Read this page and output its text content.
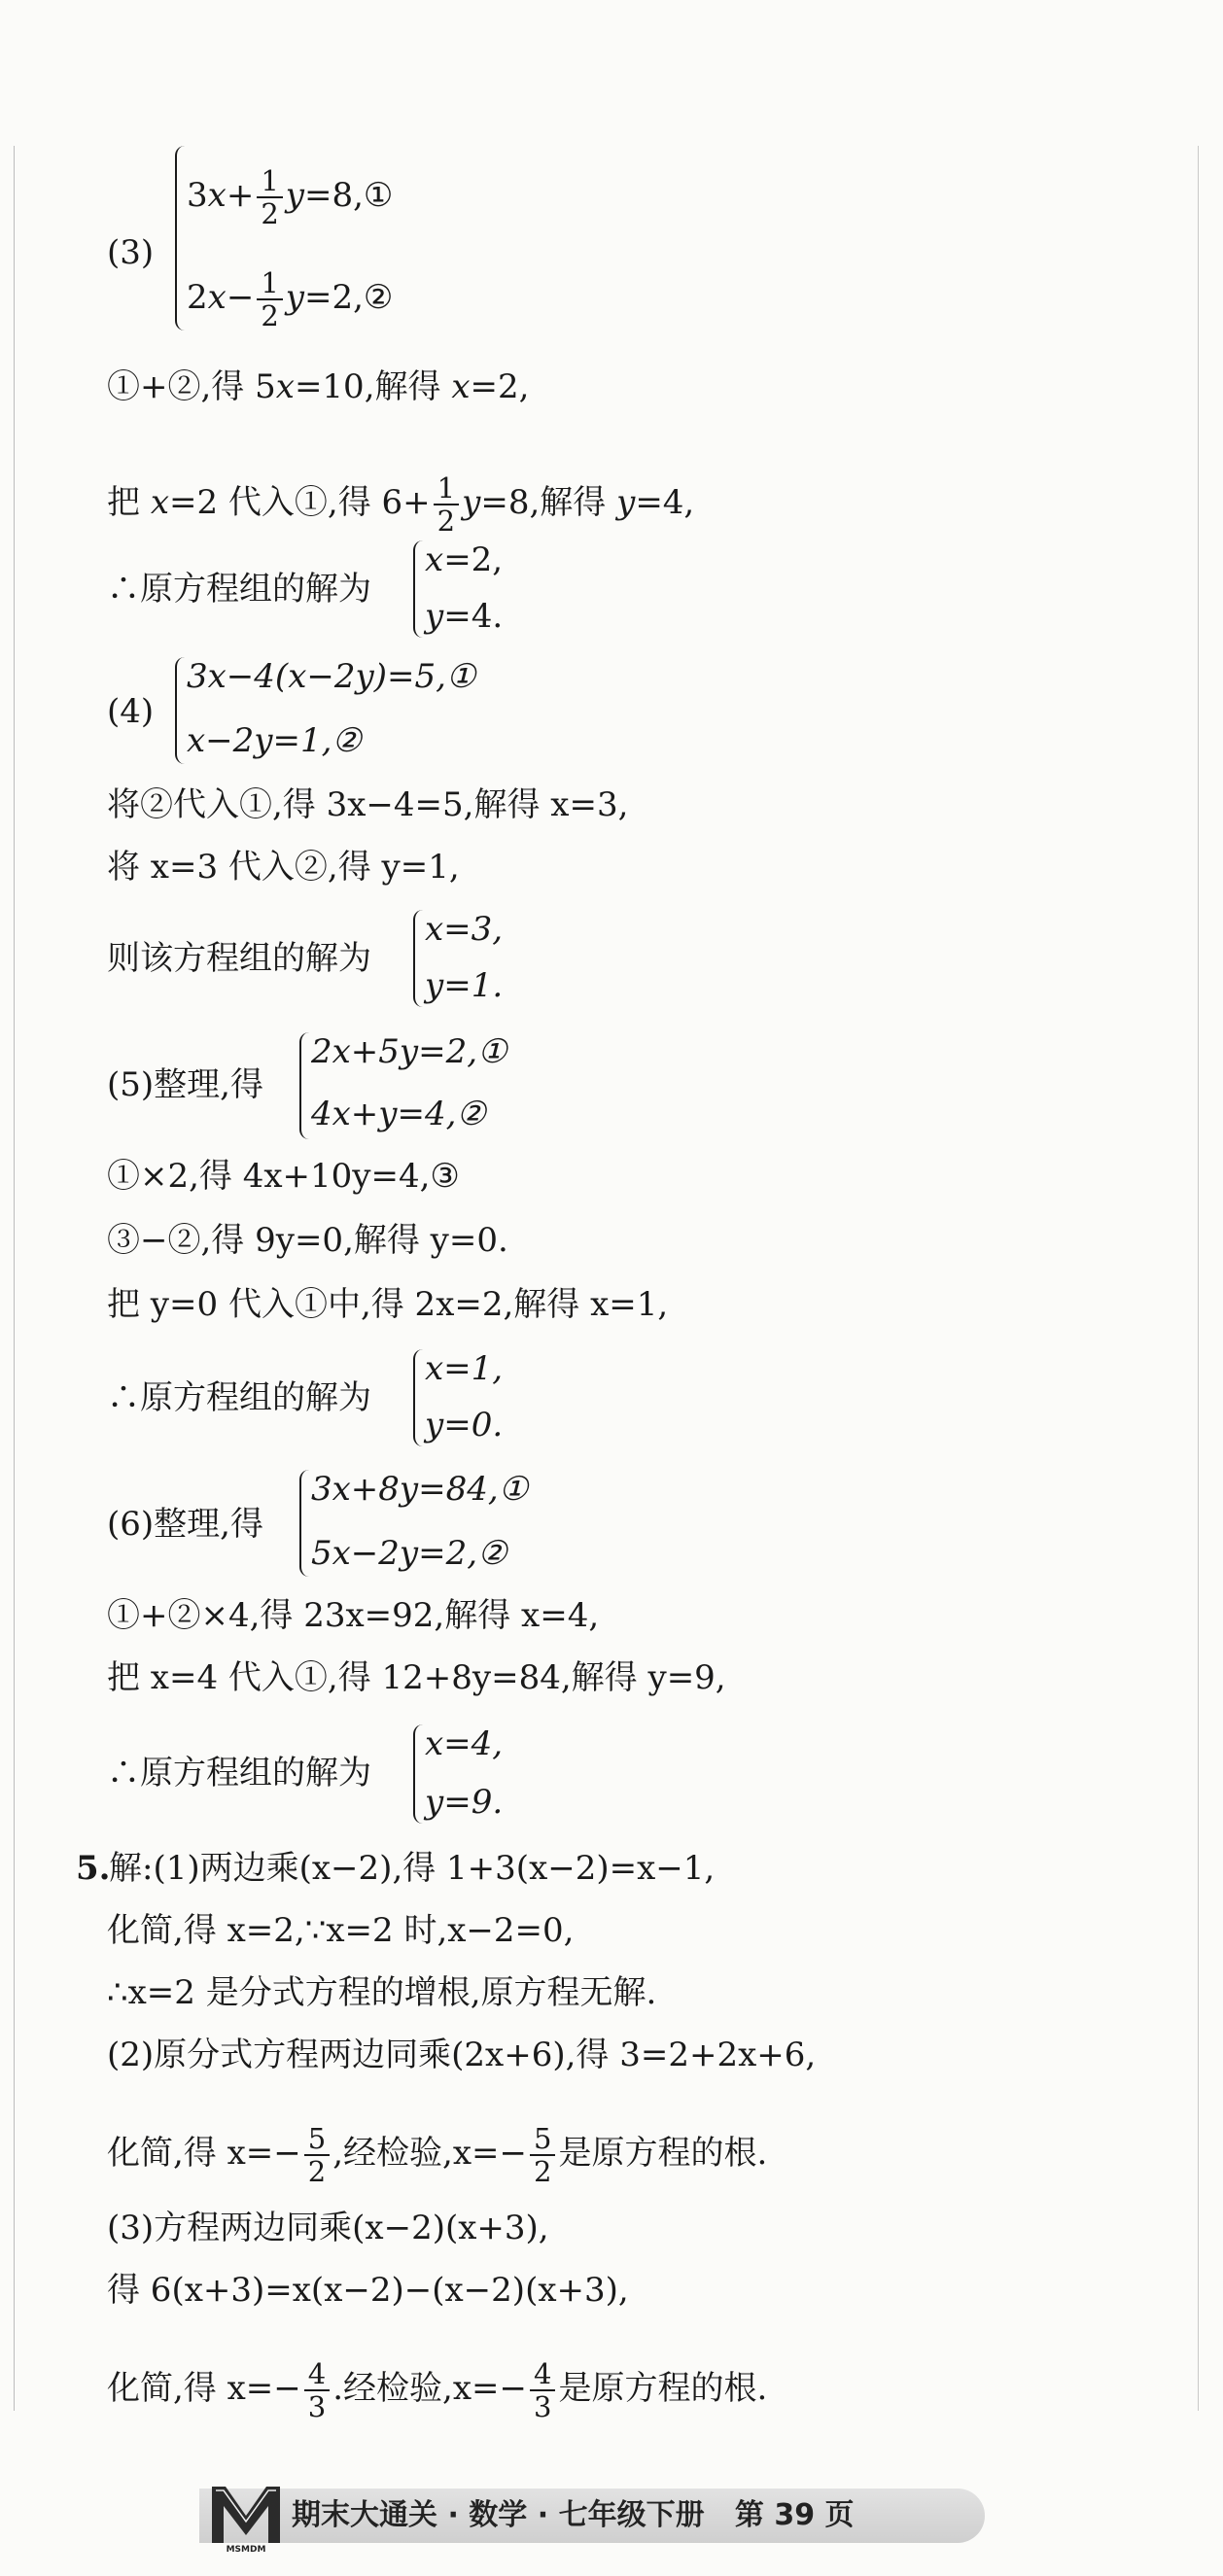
(3)
$3x+ \frac{1}{2}$ y=8,①
$2x- \frac{1}{2}$ y=2,②
①+②,得 5x=10,解得 x=2,
把 x=2 代入①,得 $6+ \frac{1}{2} y=8$,解得 y=4,
∴原方程组的解为
x=2,
y=4.
(4)
3x−4(x−2y)=5,①
x−2y=1,②
将②代入①,得 3x−4=5,解得 x=3,
将 x=3 代入②,得 y=1,
则该方程组的解为
x=3,
y=1.
(5)整理,得
2x+5y=2,①
4x+y=4,②
①×2,得 4x+10y=4,③
③−②,得 9y=0,解得 y=0.
把 y=0 代入①中,得 2x=2,解得 x=1,
∴原方程组的解为
x=1,
y=0.
(6)整理,得
3x+8y=84,①
5x−2y=2,②
①+②×4,得 23x=92,解得 x=4,
把 x=4 代入①,得 12+8y=84,解得 y=9,
∴原方程组的解为
x=4,
y=9.
5.
解:(1)两边乘(x−2),得 1+3(x−2)=x−1,
化简,得 x=2,∵x=2 时,x−2=0,
∴x=2 是分式方程的增根,原方程无解.
(2)原分式方程两边同乘(2x+6),得 3=2+2x+6,
化简,得 $x=- \frac{5}{2}$ ,经检验$,x=- \frac{5}{2}$ 是原方程的根.
(3)方程两边同乘(x−2)(x+3),
得 6(x+3)=x(x−2)−(x−2)(x+3),
化简,得 $x=- \frac{4}{3}$ .经检验$,x=- \frac{4}{3}$ 是原方程的根.
MSMDM
期末大通关 · 数学 · 七年级下册   第 39 页
